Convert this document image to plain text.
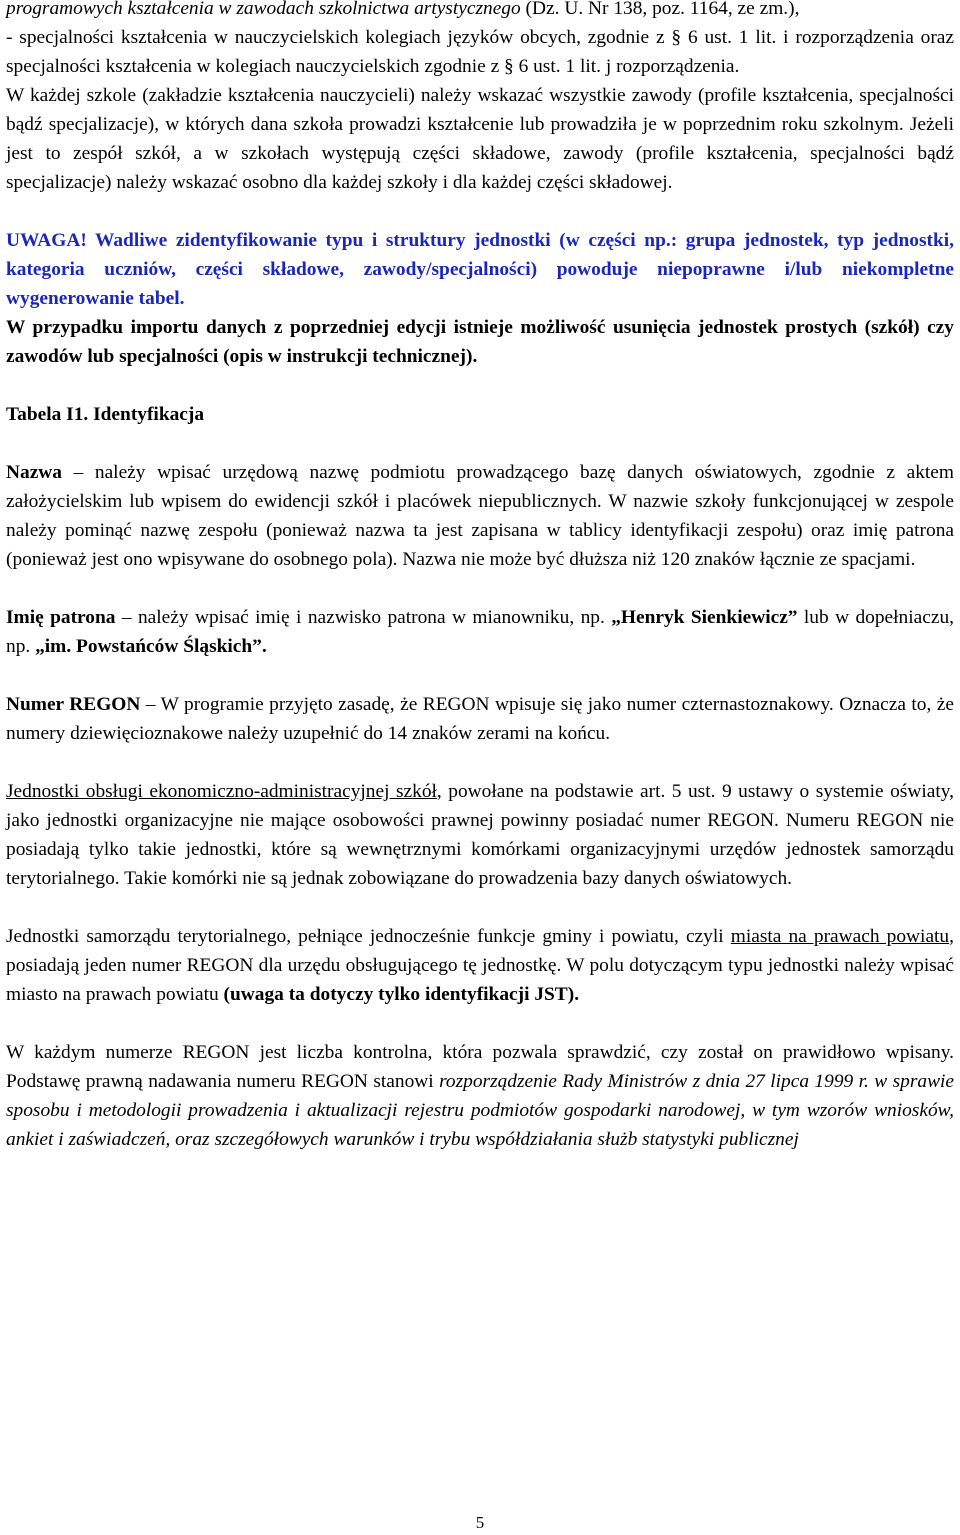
programowych kształcenia w zawodach szkolnictwa artystycznego (Dz. U. Nr 138, poz. 1164, ze zm.),

- specjalności kształcenia w nauczycielskich kolegiach języków obcych, zgodnie z § 6 ust. 1 lit. i rozporządzenia oraz specjalności kształcenia w kolegiach nauczycielskich zgodnie z § 6 ust. 1 lit. j rozporządzenia.

W każdej szkole (zakładzie kształcenia nauczycieli) należy wskazać wszystkie zawody (profile kształcenia, specjalności bądź specjalizacje), w których dana szkoła prowadzi kształcenie lub prowadziła je w poprzednim roku szkolnym. Jeżeli jest to zespół szkół, a w szkołach występują części składowe, zawody (profile kształcenia, specjalności bądź specjalizacje) należy wskazać osobno dla każdej szkoły i dla każdej części składowej.

UWAGA! Wadliwe zidentyfikowanie typu i struktury jednostki (w części np.: grupa jednostek, typ jednostki, kategoria uczniów, części składowe, zawody/specjalności) powoduje niepoprawne i/lub niekompletne wygenerowanie tabel.

W przypadku importu danych z poprzedniej edycji istnieje możliwość usunięcia jednostek prostych (szkół) czy zawodów lub specjalności (opis w instrukcji technicznej).

Tabela I1. Identyfikacja

Nazwa – należy wpisać urzędową nazwę podmiotu prowadzącego bazę danych oświatowych, zgodnie z aktem założycielskim lub wpisem do ewidencji szkół i placówek niepublicznych. W nazwie szkoły funkcjonującej w zespole należy pominąć nazwę zespołu (ponieważ nazwa ta jest zapisana w tablicy identyfikacji zespołu) oraz imię patrona (ponieważ jest ono wpisywane do osobnego pola). Nazwa nie może być dłuższa niż 120 znaków łącznie ze spacjami.

Imię patrona – należy wpisać imię i nazwisko patrona w mianowniku, np. „Henryk Sienkiewicz” lub w dopełniaczu, np. „im. Powstańców Śląskich”.

Numer REGON – W programie przyjęto zasadę, że REGON wpisuje się jako numer czternastoznakowy. Oznacza to, że numery dziewięcioznakowe należy uzupełnić do 14 znaków zerami na końcu.

Jednostki obsługi ekonomiczno-administracyjnej szkół, powołane na podstawie art. 5 ust. 9 ustawy o systemie oświaty, jako jednostki organizacyjne nie mające osobowości prawnej powinny posiadać numer REGON. Numeru REGON nie posiadają tylko takie jednostki, które są wewnętrznymi komórkami organizacyjnymi urzędów jednostek samorządu terytorialnego. Takie komórki nie są jednak zobowiązane do prowadzenia bazy danych oświatowych.

Jednostki samorządu terytorialnego, pełniące jednocześnie funkcje gminy i powiatu, czyli miasta na prawach powiatu, posiadają jeden numer REGON dla urzędu obsługującego tę jednostkę. W polu dotyczącym typu jednostki należy wpisać miasto na prawach powiatu (uwaga ta dotyczy tylko identyfikacji JST).

W każdym numerze REGON jest liczba kontrolna, która pozwala sprawdzić, czy został on prawidłowo wpisany. Podstawę prawną nadawania numeru REGON stanowi rozporządzenie Rady Ministrów z dnia 27 lipca 1999 r. w sprawie sposobu i metodologii prowadzenia i aktualizacji rejestru podmiotów gospodarki narodowej, w tym wzorów wniosków, ankiet i zaświadczeń, oraz szczegółowych warunków i trybu współdziałania służb statystyki publicznej

5
